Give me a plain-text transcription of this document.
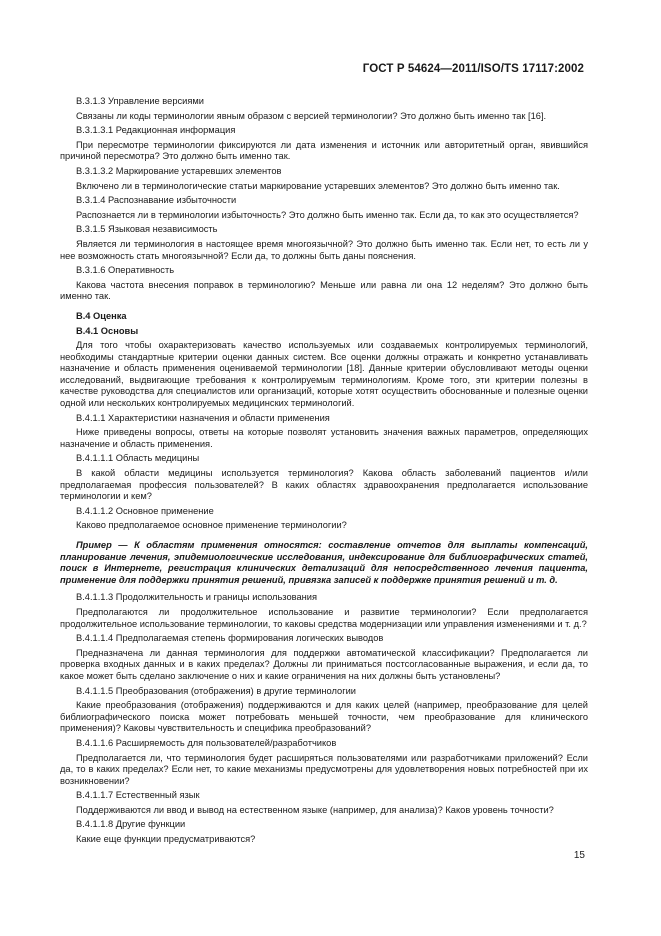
ГОСТ Р 54624—2011/ISO/TS 17117:2002
B.3.1.3 Управление версиями
Связаны ли коды терминологии явным образом с версией терминологии? Это должно быть именно так [16].
B.3.1.3.1 Редакционная информация
При пересмотре терминологии фиксируются ли дата изменения и источник или авторитетный орган, явившийся причиной пересмотра? Это должно быть именно так.
B.3.1.3.2 Маркирование устаревших элементов
Включено ли в терминологические статьи маркирование устаревших элементов? Это должно быть именно так.
B.3.1.4 Распознавание избыточности
Распознается ли в терминологии избыточность? Это должно быть именно так. Если да, то как это осуществляется?
B.3.1.5 Языковая независимость
Является ли терминология в настоящее время многоязычной? Это должно быть именно так. Если нет, то есть ли у нее возможность стать многоязычной? Если да, то должны быть даны пояснения.
B.3.1.6 Оперативность
Какова частота внесения поправок в терминологию? Меньше или равна ли она 12 неделям? Это должно быть именно так.
B.4 Оценка
B.4.1 Основы
Для того чтобы охарактеризовать качество используемых или создаваемых контролируемых терминологий, необходимы стандартные критерии оценки данных систем. Все оценки должны отражать и конкретно устанавливать назначение и область применения оцениваемой терминологии [18]. Данные критерии обусловливают методы оценки исследований, выдвигающие требования к контролируемым терминологиям. Кроме того, эти критерии полезны в качестве руководства для специалистов или организаций, которые хотят осуществить обоснованные и полезные оценки одной или нескольких контролируемых медицинских терминологий.
B.4.1.1 Характеристики назначения и области применения
Ниже приведены вопросы, ответы на которые позволят установить значения важных параметров, определяющих назначение и область применения.
B.4.1.1.1 Область медицины
В какой области медицины используется терминология? Какова область заболеваний пациентов и/или предполагаемая профессия пользователей? В каких областях здравоохранения предполагается использование терминологии и кем?
B.4.1.1.2 Основное применение
Каково предполагаемое основное применение терминологии?
Пример — К областям применения относятся: составление отчетов для выплаты компенсаций, планирование лечения, эпидемиологические исследования, индексирование для библиографических статей, поиск в Интернете, регистрация клинических детализаций для непосредственного лечения пациента, применение для поддержки принятия решений, привязка записей к поддержке принятия решений и т. д.
B.4.1.1.3 Продолжительность и границы использования
Предполагаются ли продолжительное использование и развитие терминологии? Если предполагается продолжительное использование терминологии, то каковы средства модернизации или управления изменениями и т. д.?
B.4.1.1.4 Предполагаемая степень формирования логических выводов
Предназначена ли данная терминология для поддержки автоматической классификации? Предполагается ли проверка входных данных и в каких пределах? Должны ли приниматься постсогласованные выражения, и если да, то какое может быть сделано заключение о них и какие ограничения на них должны быть установлены?
B.4.1.1.5 Преобразования (отображения) в другие терминологии
Какие преобразования (отображения) поддерживаются и для каких целей (например, преобразование для целей библиографического поиска может потребовать меньшей точности, чем преобразование для клинического применения)? Каковы чувствительность и специфика преобразований?
B.4.1.1.6 Расширяемость для пользователей/разработчиков
Предполагается ли, что терминология будет расширяться пользователями или разработчиками приложений? Если да, то в каких пределах? Если нет, то какие механизмы предусмотрены для удовлетворения новых потребностей при их возникновении?
B.4.1.1.7 Естественный язык
Поддерживаются ли ввод и вывод на естественном языке (например, для анализа)? Каков уровень точности?
B.4.1.1.8 Другие функции
Какие еще функции предусматриваются?
15
